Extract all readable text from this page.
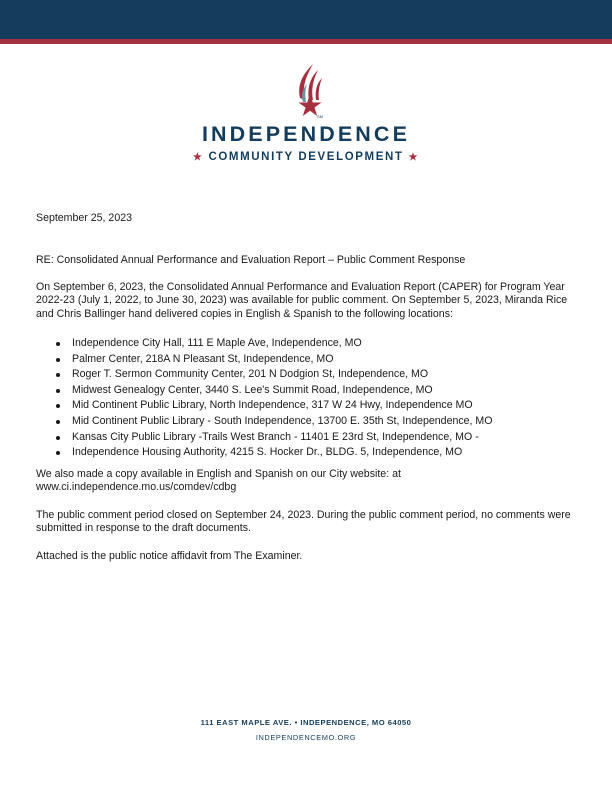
SM
INDEPENDENCE
★ COMMUNITY DEVELOPMENT ★
September 25, 2023
RE: Consolidated Annual Performance and Evaluation Report – Public Comment Response
On September 6, 2023, the Consolidated Annual Performance and Evaluation Report (CAPER) for Program Year 2022-23 (July 1, 2022, to June 30, 2023) was available for public comment. On September 5, 2023, Miranda Rice and Chris Ballinger hand delivered copies in English & Spanish to the following locations:
Independence City Hall, 111 E Maple Ave, Independence, MO
Palmer Center, 218A N Pleasant St, Independence, MO
Roger T. Sermon Community Center, 201 N Dodgion St, Independence, MO
Midwest Genealogy Center, 3440 S. Lee's Summit Road, Independence, MO
Mid Continent Public Library, North Independence, 317 W 24 Hwy, Independence MO
Mid Continent Public Library - South Independence, 13700 E. 35th St, Independence, MO
Kansas City Public Library -Trails West Branch - 11401 E 23rd St, Independence, MO -
Independence Housing Authority, 4215 S. Hocker Dr., BLDG. 5, Independence, MO
We also made a copy available in English and Spanish on our City website: at www.ci.independence.mo.us/comdev/cdbg
The public comment period closed on September 24, 2023. During the public comment period, no comments were submitted in response to the draft documents.
Attached is the public notice affidavit from The Examiner.
111 EAST MAPLE AVE. • INDEPENDENCE, MO 64050
INDEPENDENCEMO.ORG
